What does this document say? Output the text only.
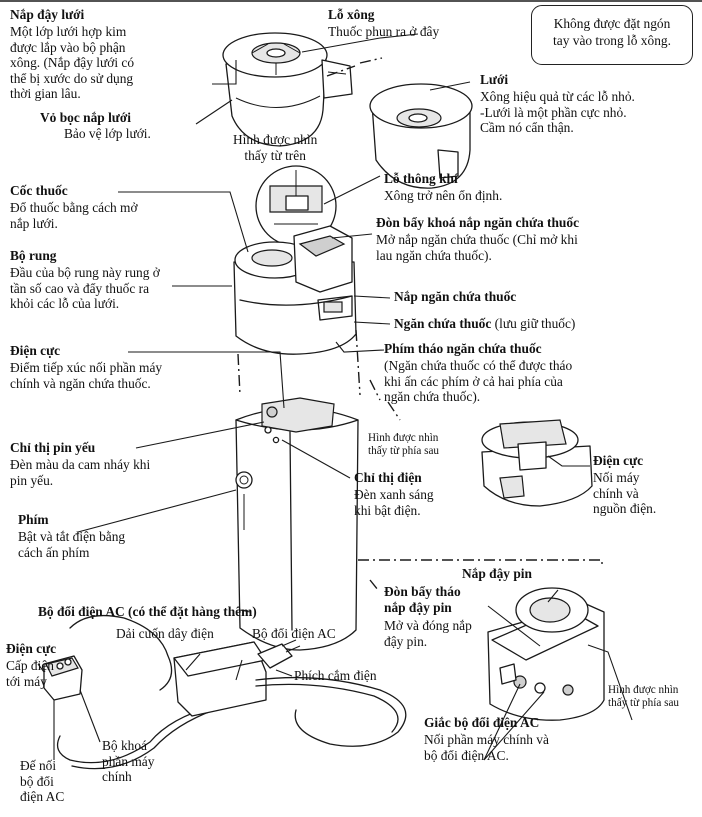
Không được đặt ngón
tay vào trong lỗ xông.
Nắp đậy lưới
Một lớp lưới hợp kim
được lắp vào bộ phận
xông. (Nắp đậy lưới có
thể bị xước do sử dụng
thời gian lâu.
Vỏ bọc nắp lưới
Bảo vệ lớp lưới.
Lỗ xông
Thuốc phun ra ở đây
Hình được nhìn
thấy từ trên
Lưới
Xông hiệu quả từ các lỗ nhỏ.
-Lưới là một phần cực nhỏ.
Cầm nó cẩn thận.
Cốc thuốc
Đổ thuốc bằng cách mở
nắp lưới.
Lỗ thông khí
Xông trở nên ổn định.
Đòn bẩy khoá nắp ngăn chứa thuốc
Mở nắp ngăn chứa thuốc (Chỉ mở khi
lau ngăn chứa thuốc).
Bộ rung
Đầu của bộ rung này rung ở
tần số cao và đẩy thuốc ra
khỏi các lỗ của lưới.	Nắp ngăn chứa thuốc
Ngăn chứa thuốc (lưu giữ thuốc)
Phím tháo ngăn chứa thuốc
(Ngăn chứa thuốc có thể được tháo
khi ấn các phím ở cả hai phía của
ngăn chứa thuốc).
Điện cực
Điểm tiếp xúc nối phần máy
chính và ngăn chứa thuốc.
Hình được nhìn
thấy từ phía sau
Chỉ thị pin yếu
Đèn màu da cam nháy khi
pin yếu.	Chỉ thị điện
Đèn xanh sáng
khi bật điện.
Điện cực
Nối máy
chính và
nguồn điện.
Phím
Bật và tắt điện bằng
cách ấn phím
Bộ đổi điện AC (có thể đặt hàng thêm)
Nắp đậy pin
Đòn bẩy tháo
nắp đậy pin
Mở và đóng nắp
đậy pin.
Dải cuốn dây điện	Bộ đổi điện AC
Điện cực
Cấp điện
tới máy	Phích cắm điện
Hình được nhìn
thấy từ phía sau
Giắc bộ đổi điện AC
Nối phần máy chính và
bộ đổi điện AC.
Bộ khoá
phần máy
chính
Đế nối
bộ đổi
điện AC
